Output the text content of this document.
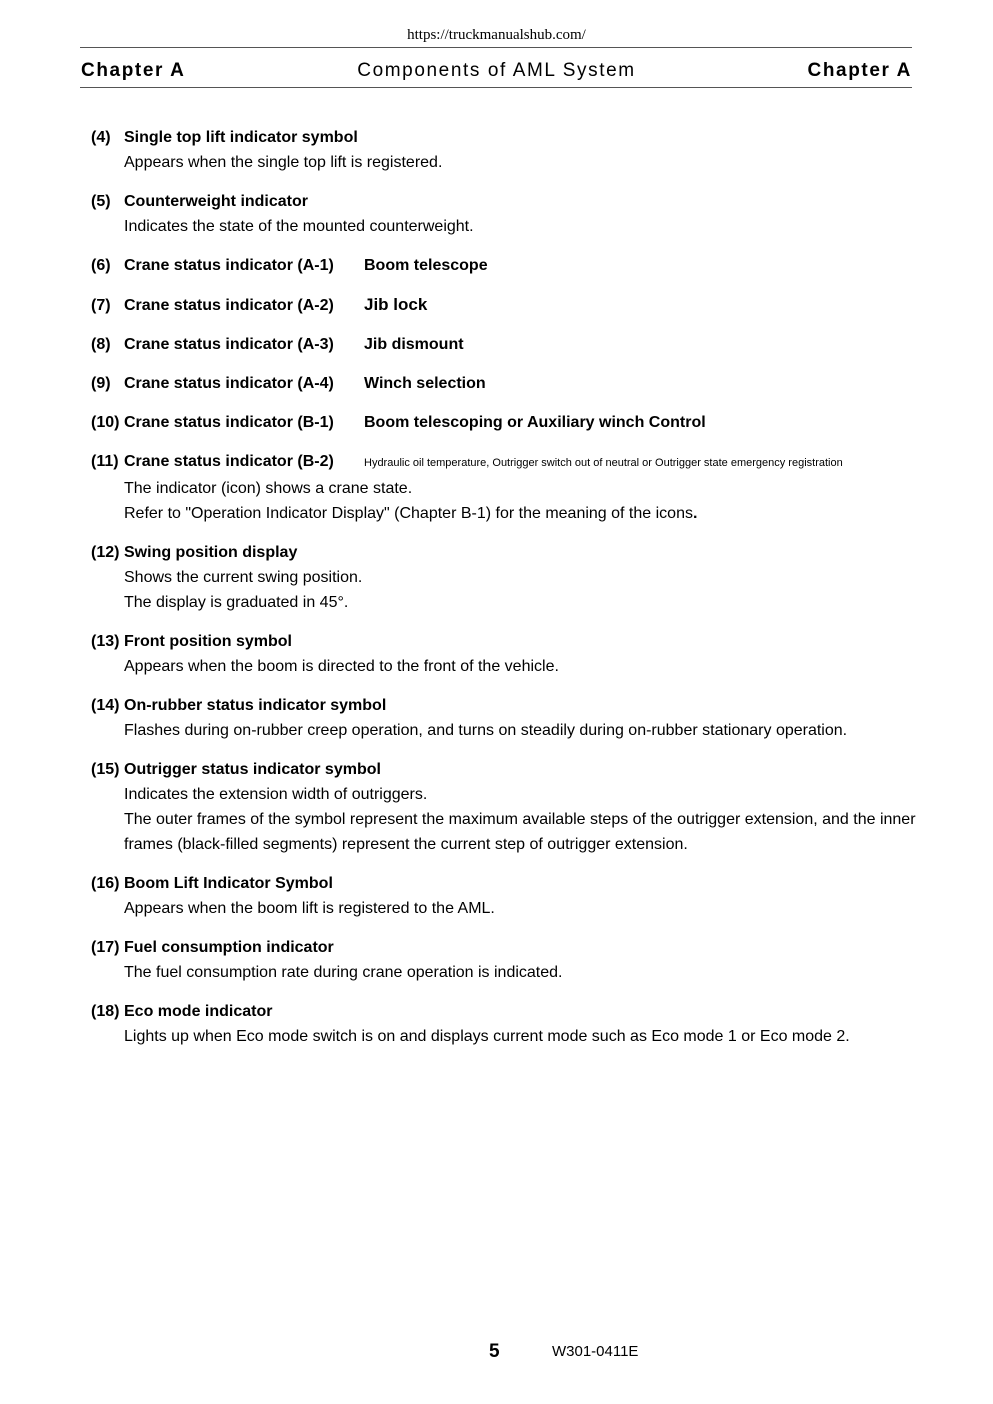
https://truckmanualshub.com/
Components of AML System
Chapter A	Chapter A
(4) Single top lift indicator symbol
Appears when the single top lift is registered.
(5) Counterweight indicator
Indicates the state of the mounted counterweight.
(6) Crane status indicator (A-1) Boom telescope
(7) Crane status indicator (A-2) Jib lock
(8) Crane status indicator (A-3) Jib dismount
(9) Crane status indicator (A-4) Winch selection
(10) Crane status indicator (B-1) Boom telescoping or Auxiliary winch Control
(11) Crane status indicator (B-2)	Hydraulic oil temperature, Outrigger switch out of neutral or Outrigger state emergency registration
The indicator (icon) shows a crane state.
Refer to "Operation Indicator Display" (Chapter B-1) for the meaning of the icons.
(12) Swing position display
Shows the current swing position.
The display is graduated in 45°.
(13) Front position symbol
Appears when the boom is directed to the front of the vehicle.
(14) On-rubber status indicator symbol
Flashes during on-rubber creep operation, and turns on steadily during on-rubber stationary operation.
(15) Outrigger status indicator symbol
Indicates the extension width of outriggers.
The outer frames of the symbol represent the maximum available steps of the outrigger extension, and the inner frames (black-filled segments) represent the current step of outrigger extension.
(16) Boom Lift Indicator Symbol
Appears when the boom lift is registered to the AML.
(17) Fuel consumption indicator
The fuel consumption rate during crane operation is indicated.
(18) Eco mode indicator
Lights up when Eco mode switch is on and displays current mode such as Eco mode 1 or Eco mode 2.
5	W301-0411E
